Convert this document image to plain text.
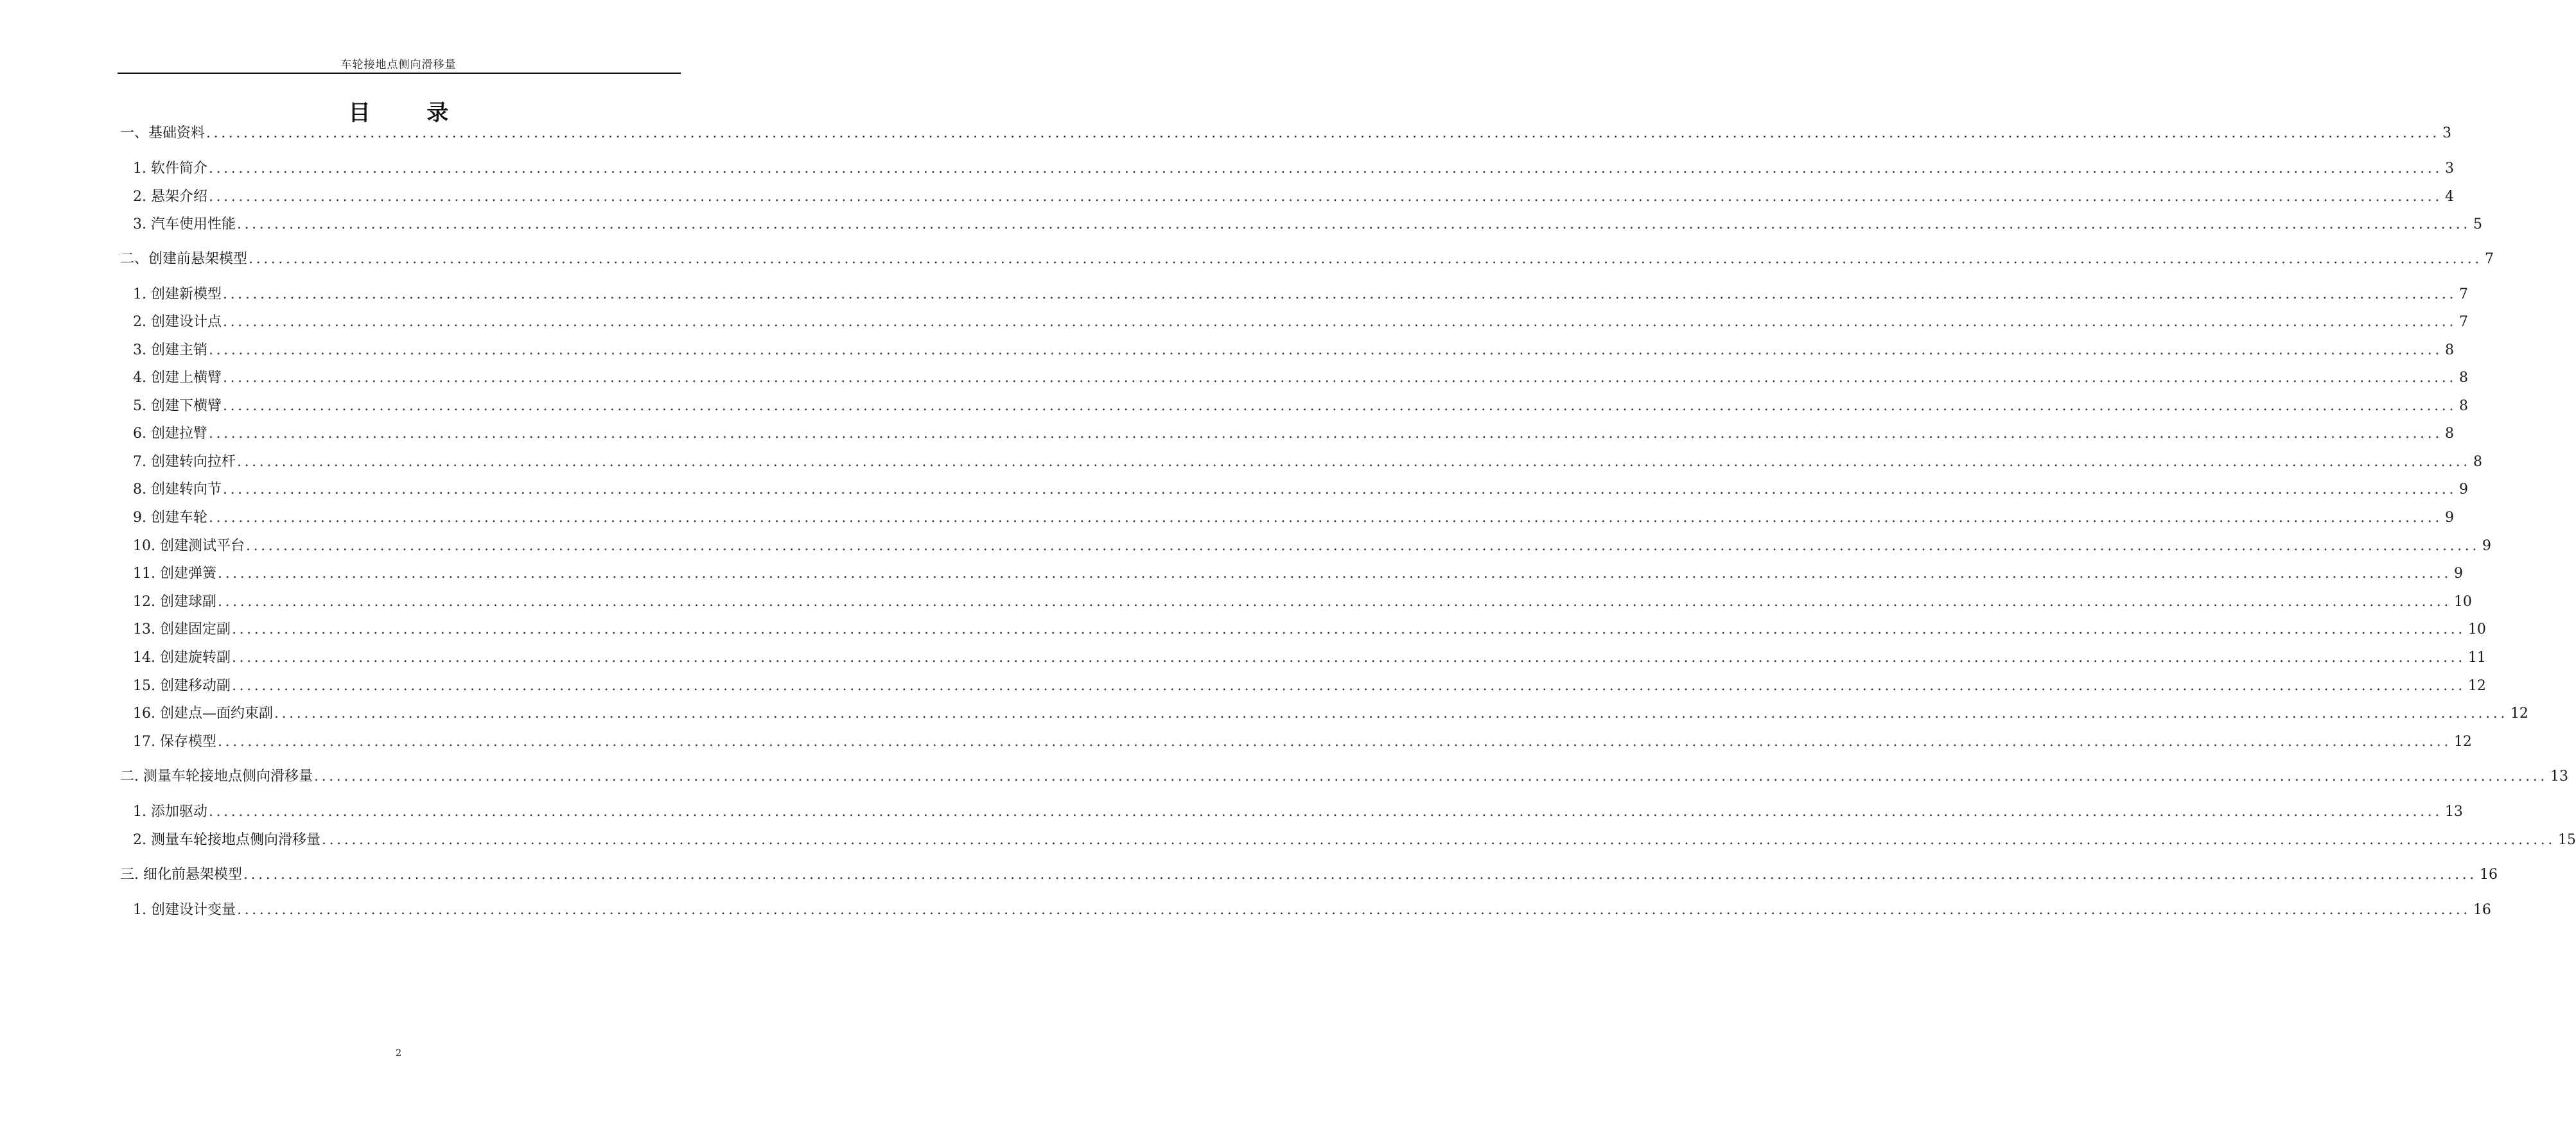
车轮接地点侧向滑移量
目 录
一、基础资料 ............................................................................................................................................................................................................................................................................................................ 3
1. 软件简介 ............................................................................................................................................................................................................................................................................................................ 3
2. 悬架介绍 ............................................................................................................................................................................................................................................................................................................ 4
3. 汽车使用性能 ............................................................................................................................................................................................................................................................................................................ 5
二、创建前悬架模型 ............................................................................................................................................................................................................................................................................................................ 7
1. 创建新模型 ............................................................................................................................................................................................................................................................................................................ 7
2. 创建设计点 ............................................................................................................................................................................................................................................................................................................ 7
3. 创建主销 ............................................................................................................................................................................................................................................................................................................ 8
4. 创建上横臂 ............................................................................................................................................................................................................................................................................................................ 8
5. 创建下横臂 ............................................................................................................................................................................................................................................................................................................ 8
6. 创建拉臂 ............................................................................................................................................................................................................................................................................................................ 8
7. 创建转向拉杆 ............................................................................................................................................................................................................................................................................................................ 8
8. 创建转向节 ............................................................................................................................................................................................................................................................................................................ 9
9. 创建车轮 ............................................................................................................................................................................................................................................................................................................ 9
10. 创建测试平台 ............................................................................................................................................................................................................................................................................................................ 9
11. 创建弹簧 ............................................................................................................................................................................................................................................................................................................ 9
12. 创建球副 ............................................................................................................................................................................................................................................................................................................ 10
13. 创建固定副 ............................................................................................................................................................................................................................................................................................................ 10
14. 创建旋转副 ............................................................................................................................................................................................................................................................................................................ 11
15. 创建移动副 ............................................................................................................................................................................................................................................................................................................ 12
16. 创建点—面约束副 ............................................................................................................................................................................................................................................................................................................ 12
17. 保存模型 ............................................................................................................................................................................................................................................................................................................ 12
二. 测量车轮接地点侧向滑移量 ............................................................................................................................................................................................................................................................................................................ 13
1. 添加驱动 ............................................................................................................................................................................................................................................................................................................ 13
2. 测量车轮接地点侧向滑移量 ............................................................................................................................................................................................................................................................................................................ 15
三. 细化前悬架模型 ............................................................................................................................................................................................................................................................................................................ 16
1. 创建设计变量 ............................................................................................................................................................................................................................................................................................................ 16
2
